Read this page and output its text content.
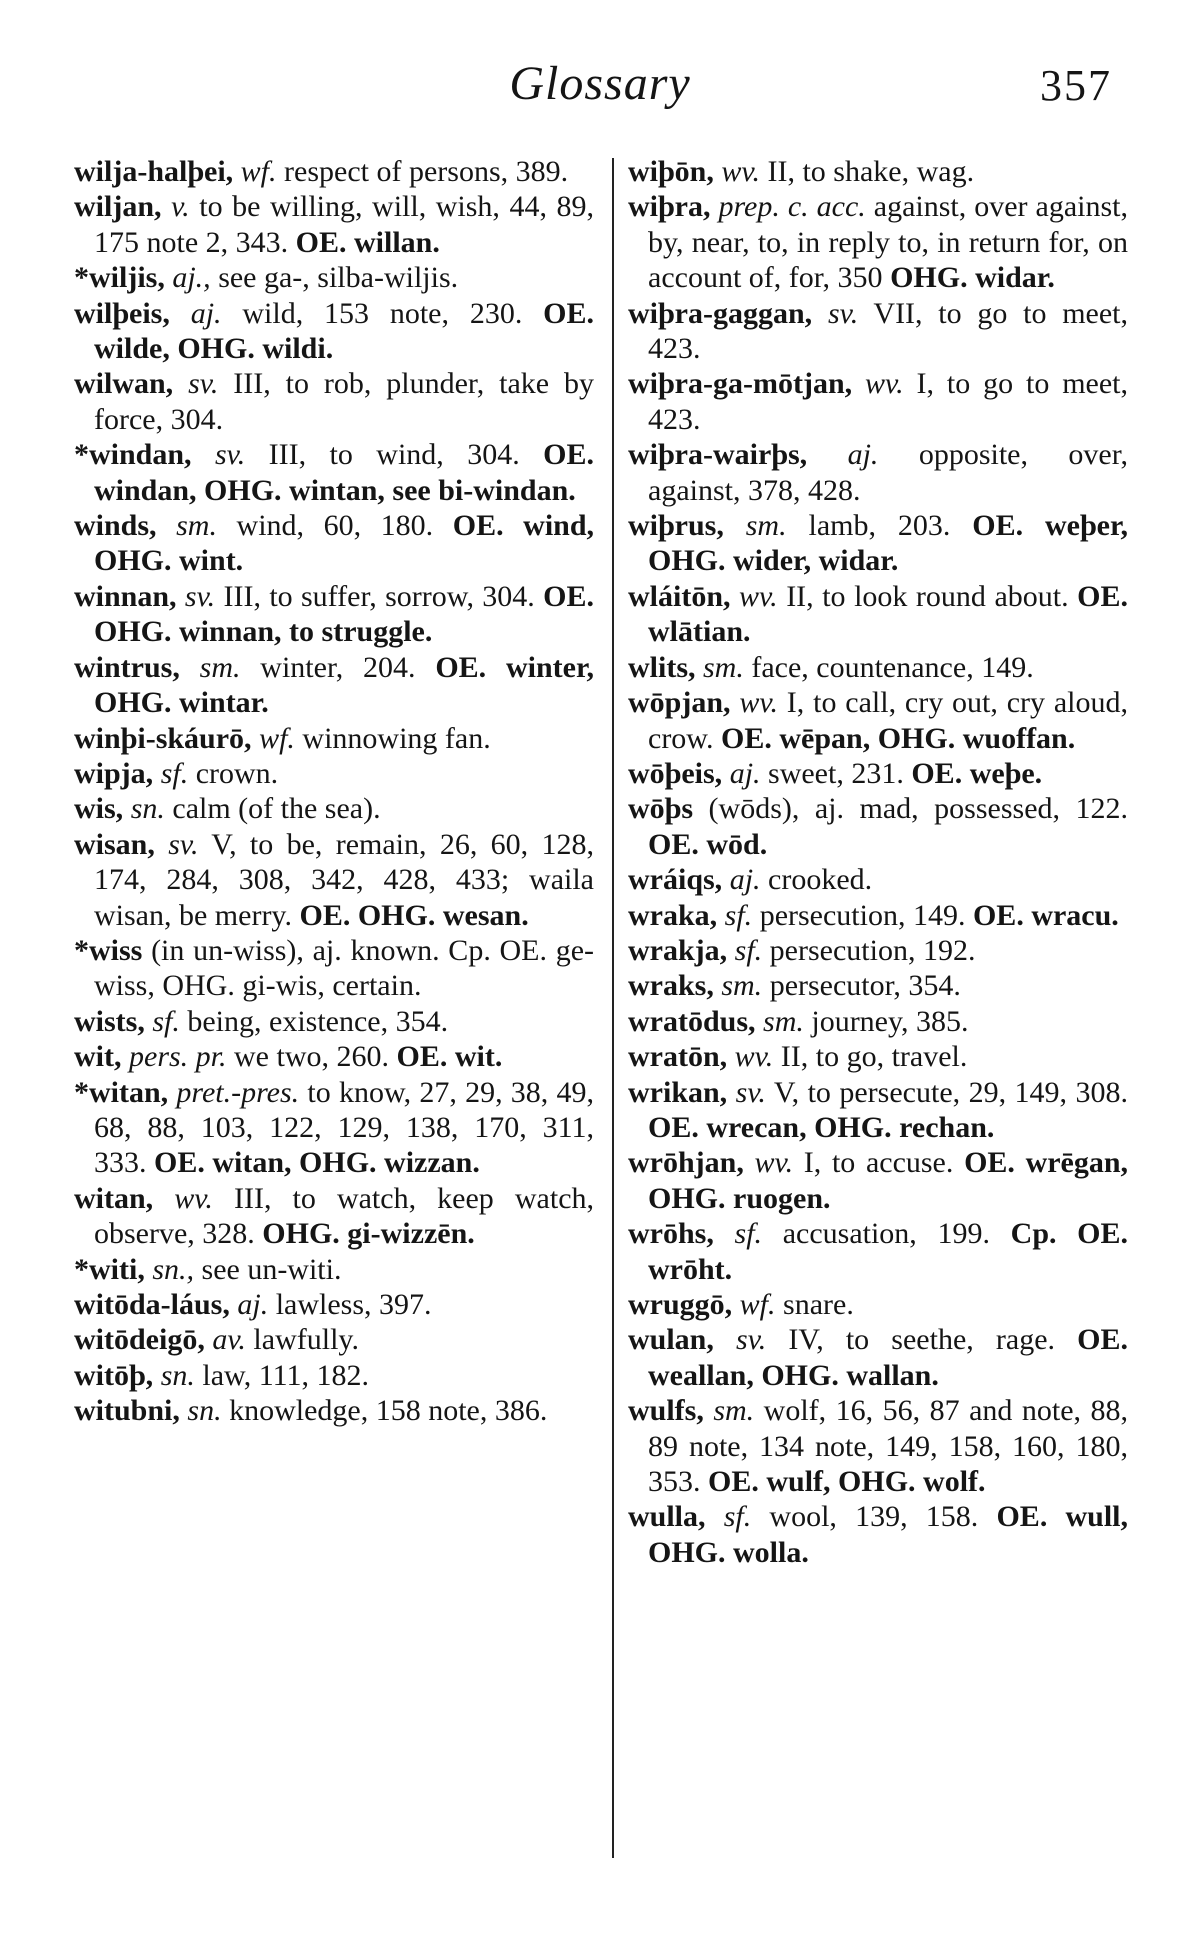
Glossary	357
wilja-halþei, wf. respect of persons, 389.
wiljan, v. to be willing, will, wish, 44, 89, 175 note 2, 343. OE. willan.
*wiljis, aj., see ga-, silba-wiljis.
wilþeis, aj. wild, 153 note, 230. OE. wilde, OHG. wildi.
wilwan, sv. III, to rob, plunder, take by force, 304.
*windan, sv. III, to wind, 304. OE. windan, OHG. wintan, see bi-windan.
winds, sm. wind, 60, 180. OE. wind, OHG. wint.
winnan, sv. III, to suffer, sorrow, 304. OE. OHG. winnan, to struggle.
wintrus, sm. winter, 204. OE. winter, OHG. wintar.
winþi-skáurō, wf. winnowing fan.
wipja, sf. crown.
wis, sn. calm (of the sea).
wisan, sv. V, to be, remain, 26, 60, 128, 174, 284, 308, 342, 428, 433; waila wisan, be merry. OE. OHG. wesan.
*wiss (in un-wiss), aj. known. Cp. OE. ge-wiss, OHG. gi-wis, certain.
wists, sf. being, existence, 354.
wit, pers. pr. we two, 260. OE. wit.
*witan, pret.-pres. to know, 27, 29, 38, 49, 68, 88, 103, 122, 129, 138, 170, 311, 333. OE. witan, OHG. wizzan.
witan, wv. III, to watch, keep watch, observe, 328. OHG. gi-wizzēn.
*witi, sn., see un-witi.
witōda-láus, aj. lawless, 397.
witōdeigō, av. lawfully.
witōþ, sn. law, 111, 182.
witubni, sn. knowledge, 158 note, 386.
wiþōn, wv. II, to shake, wag.
wiþra, prep. c. acc. against, over against, by, near, to, in reply to, in return for, on account of, for, 350 OHG. widar.
wiþra-gaggan, sv. VII, to go to meet, 423.
wiþra-ga-mōtjan, wv. I, to go to meet, 423.
wiþra-wairþs, aj. opposite, over, against, 378, 428.
wiþrus, sm. lamb, 203. OE. weþer, OHG. wider, widar.
wláitōn, wv. II, to look round about. OE. wlātian.
wlits, sm. face, countenance, 149.
wōpjan, wv. I, to call, cry out, cry aloud, crow. OE. wēpan, OHG. wuoffan.
wōþeis, aj. sweet, 231. OE. weþe.
wōþs (wōds), aj. mad, possessed, 122. OE. wōd.
wráiqs, aj. crooked.
wraka, sf. persecution, 149. OE. wracu.
wrakja, sf. persecution, 192.
wraks, sm. persecutor, 354.
wratōdus, sm. journey, 385.
wratōn, wv. II, to go, travel.
wrikan, sv. V, to persecute, 29, 149, 308. OE. wrecan, OHG. rechan.
wrōhjan, wv. I, to accuse. OE. wrēgan, OHG. ruogen.
wrōhs, sf. accusation, 199. Cp. OE. wrōht.
wruggō, wf. snare.
wulan, sv. IV, to seethe, rage. OE. weallan, OHG. wallan.
wulfs, sm. wolf, 16, 56, 87 and note, 88, 89 note, 134 note, 149, 158, 160, 180, 353. OE. wulf, OHG. wolf.
wulla, sf. wool, 139, 158. OE. wull, OHG. wolla.
